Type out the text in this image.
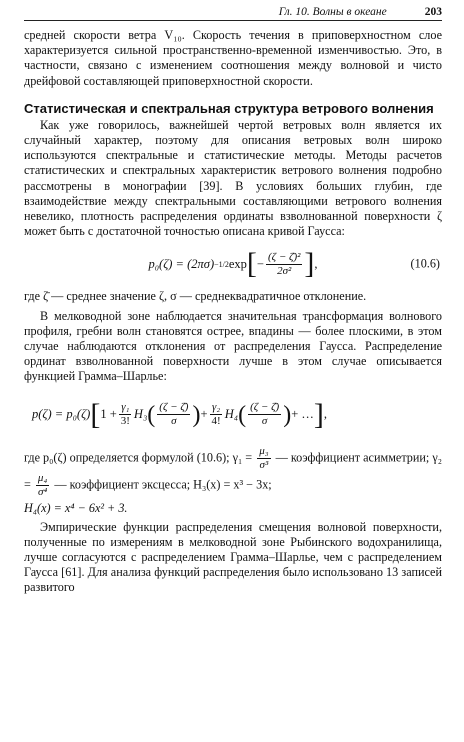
Гл. 10. Волны в океане	203

средней скорости ветра V₁₀. Скорость течения в приповерхностном слое характеризуется сильной пространственно-временной изменчивостью. Это, в частности, связано с изменением соотношения между волновой и чисто дрейфовой составляющей приповерхностной скорости.

Статистическая и спектральная структура ветрового волнения

Как уже говорилось, важнейшей чертой ветровых волн является их случайный характер, поэтому для описания ветровых волн широко используются спектральные и статистические методы. Методы расчетов статистических и спектральных характеристик ветрового волнения подробно рассмотрены в монографии [39]. В условиях больших глубин, где взаимодействие между спектральными составляющими ветрового волнения невелико, плотность распределения ординаты взволнованной поверхности ζ может быть с достаточной точностью описана кривой Гаусса:

p₀(ζ) = (2πσ) −1/2 exp [ − $\frac{\text{(ζ − ζ̄)²}}{\text{2σ²}}$ ] ,	(10.6)

где ζ̄ — среднее значение ζ, σ — среднеквадратичное отклонение.

В мелководной зоне наблюдается значительная трансформация волнового профиля, гребни волн становятся острее, впадины — более плоскими, в этом случае наблюдаются отклонения от распределения Гаусса. Распределение ординат взволнованной поверхности лучше в этом случае описывается функцией Грамма–Шарлье:

p(ζ) = p₀(ζ) [ $1 + \frac{\text{γ₁}}{3!} H_3$ ( $\frac{(\zeta - \zetā)}{\sigma}$ ) + $\frac{\text{γ₂}}{4!} H_4$ ( $\frac{(\zeta - \zetā)}{\sigma}$ ) + … ] ,

где p₀(ζ) определяется формулой (10.6); $\gamma_1 = \frac{\text{μ₃}}{\text{σ³}}$ — коэффициент асимметрии; $\gamma_2 = \frac{\text{μ₄}}{\text{σ⁴}}$ — коэффициент эксцесса; H₃(x) = x³ − 3x;
H₄(x) = x⁴ − 6x² + 3.

Эмпирические функции распределения смещения волновой поверхности, полученные по измерениям в мелководной зоне Рыбинского водохранилища, лучше согласуются с распределением Грамма–Шарлье, чем с распределением Гаусса [61]. Для анализа функций распределения было использовано 13 записей развитого
